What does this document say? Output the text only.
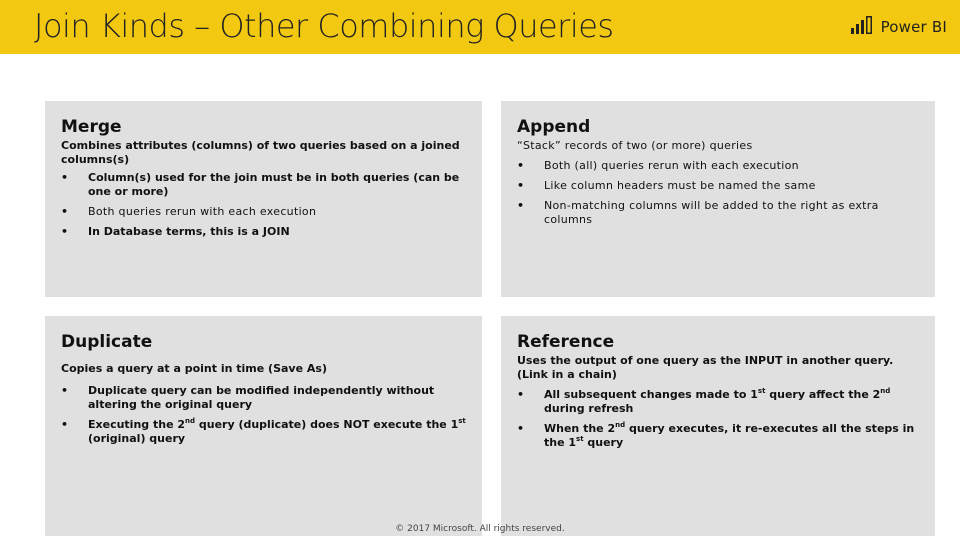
Join Kinds – Other Combining Queries	Power BI
Merge
Combines attributes (columns) of two queries based on a joined columns(s)
• Column(s) used for the join must be in both queries (can be one or more)
• Both queries rerun with each execution
• In Database terms, this is a JOIN
Append
“Stack” records of two (or more) queries
• Both (all) queries rerun with each execution
• Like column headers must be named the same
• Non-matching columns will be added to the right as extra columns
Duplicate
Copies a query at a point in time (Save As)
• Duplicate query can be modified independently without altering the original query
• Executing the 2nd query (duplicate) does NOT execute the 1st (original) query
Reference
Uses the output of one query as the INPUT in another query. (Link in a chain)
• All subsequent changes made to 1st query affect the 2nd during refresh
• When the 2nd query executes, it re-executes all the steps in the 1st query
© 2017 Microsoft. All rights reserved.
